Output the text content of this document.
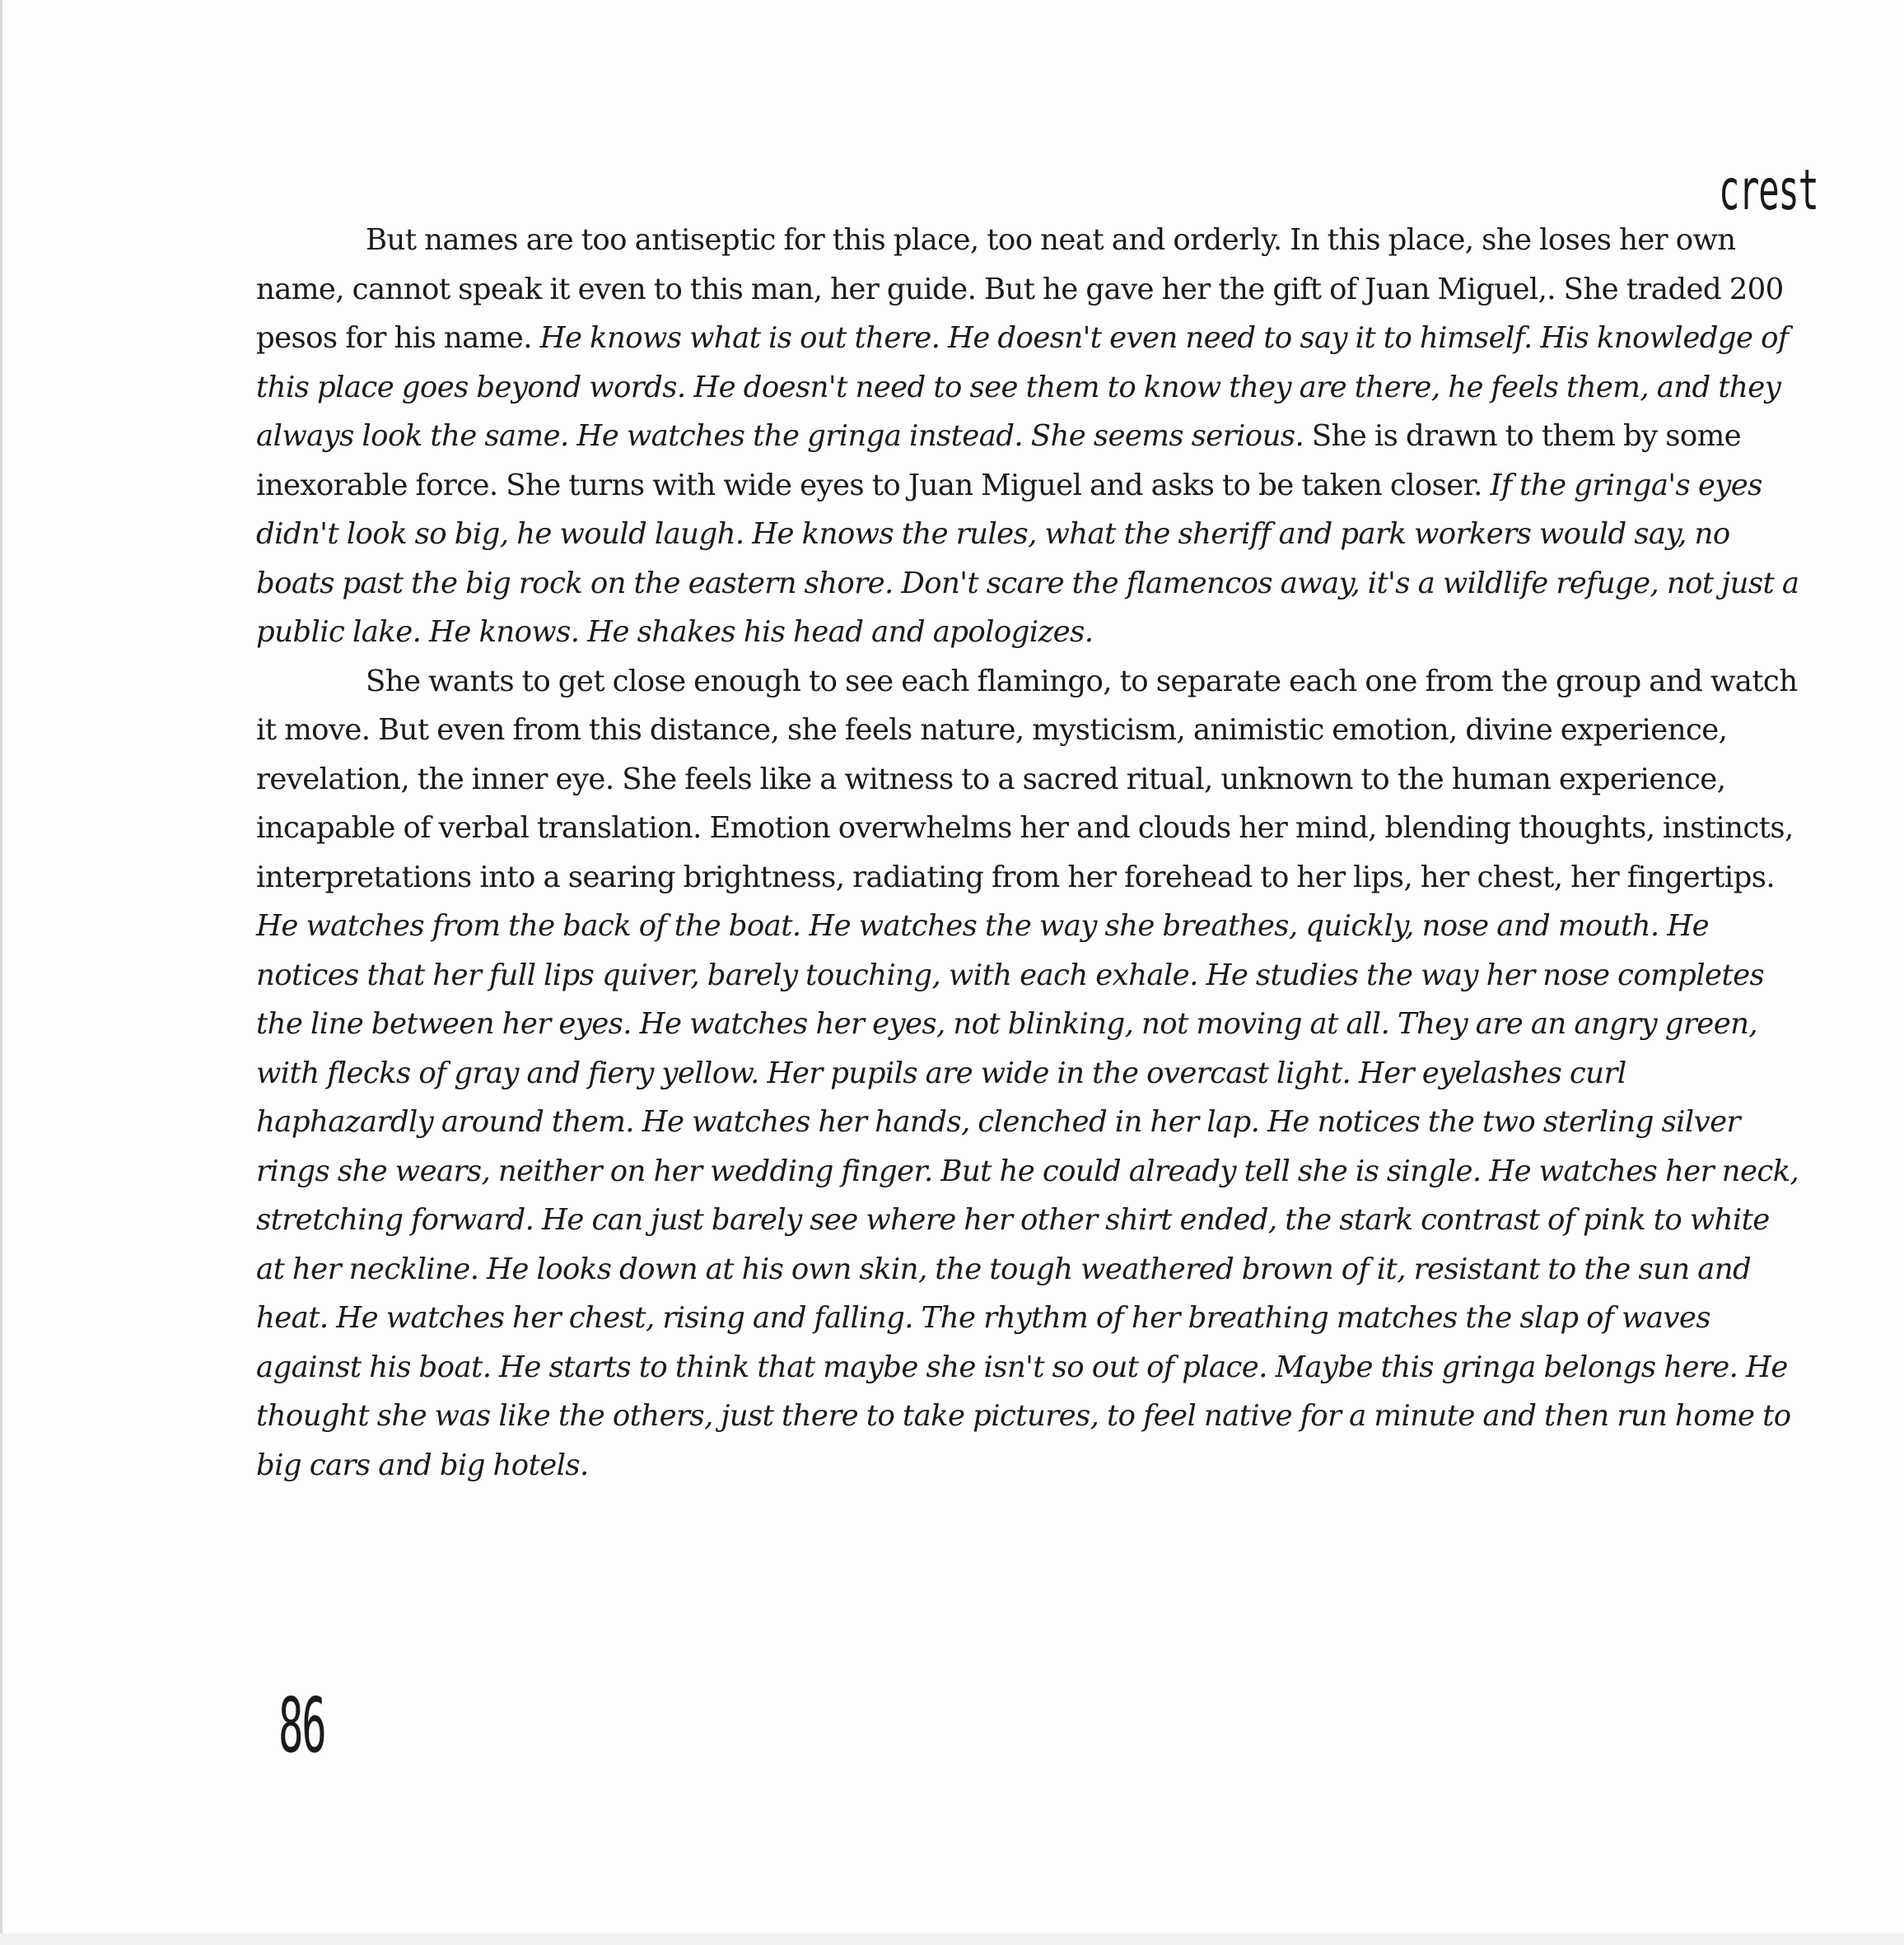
crest

But names are too antiseptic for this place, too neat and orderly. In this place, she loses her own name, cannot speak it even to this man, her guide. But he gave her the gift of Juan Miguel,. She traded 200 pesos for his name. He knows what is out there. He doesn't even need to say it to himself. His knowledge of this place goes beyond words. He doesn't need to see them to know they are there, he feels them, and they always look the same. He watches the gringa instead. She seems serious. She is drawn to them by some inexorable force. She turns with wide eyes to Juan Miguel and asks to be taken closer. If the gringa's eyes didn't look so big, he would laugh. He knows the rules, what the sheriff and park workers would say, no boats past the big rock on the eastern shore. Don't scare the flamencos away, it's a wildlife refuge, not just a public lake. He knows. He shakes his head and apologizes.

She wants to get close enough to see each flamingo, to separate each one from the group and watch it move. But even from this distance, she feels nature, mysticism, animistic emotion, divine experience, revelation, the inner eye. She feels like a witness to a sacred ritual, unknown to the human experience, incapable of verbal translation. Emotion overwhelms her and clouds her mind, blending thoughts, instincts, interpretations into a searing brightness, radiating from her forehead to her lips, her chest, her fingertips. He watches from the back of the boat. He watches the way she breathes, quickly, nose and mouth. He notices that her full lips quiver, barely touching, with each exhale. He studies the way her nose completes the line between her eyes. He watches her eyes, not blinking, not moving at all. They are an angry green, with flecks of gray and fiery yellow. Her pupils are wide in the overcast light. Her eyelashes curl haphazardly around them. He watches her hands, clenched in her lap. He notices the two sterling silver rings she wears, neither on her wedding finger. But he could already tell she is single. He watches her neck, stretching forward. He can just barely see where her other shirt ended, the stark contrast of pink to white at her neckline. He looks down at his own skin, the tough weathered brown of it, resistant to the sun and heat. He watches her chest, rising and falling. The rhythm of her breathing matches the slap of waves against his boat. He starts to think that maybe she isn't so out of place. Maybe this gringa belongs here. He thought she was like the others, just there to take pictures, to feel native for a minute and then run home to big cars and big hotels.

86
